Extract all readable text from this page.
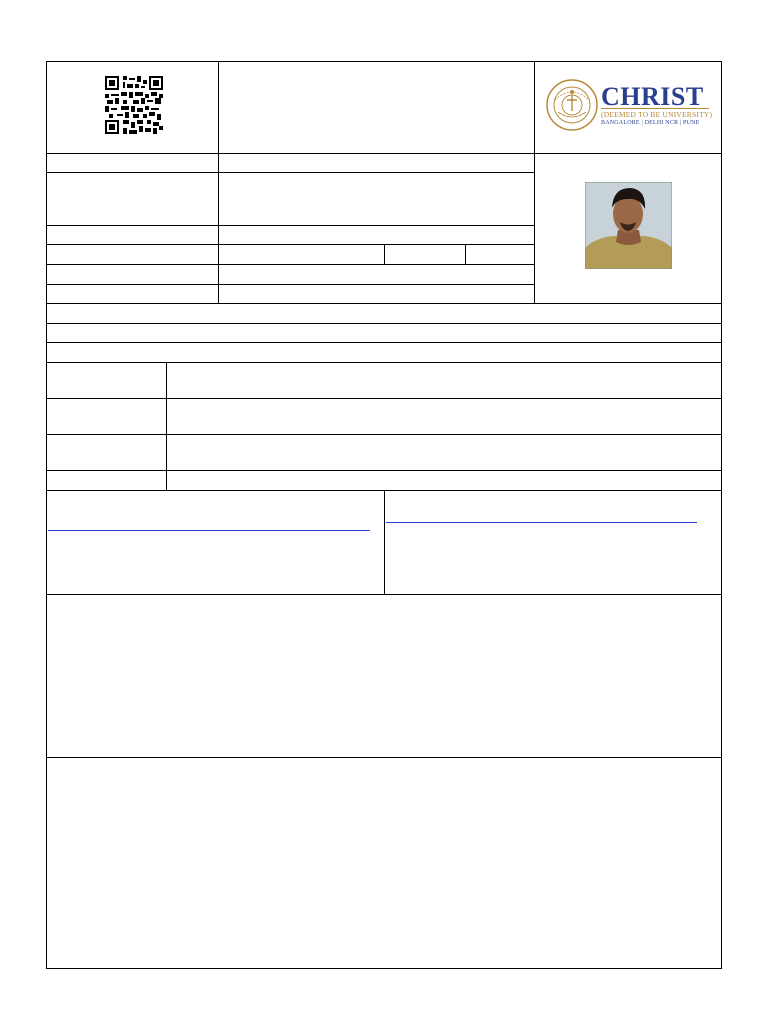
CHRIST
(DEEMED TO BE UNIVERSITY)
BANGALORE | DELHI NCR | PUNE
